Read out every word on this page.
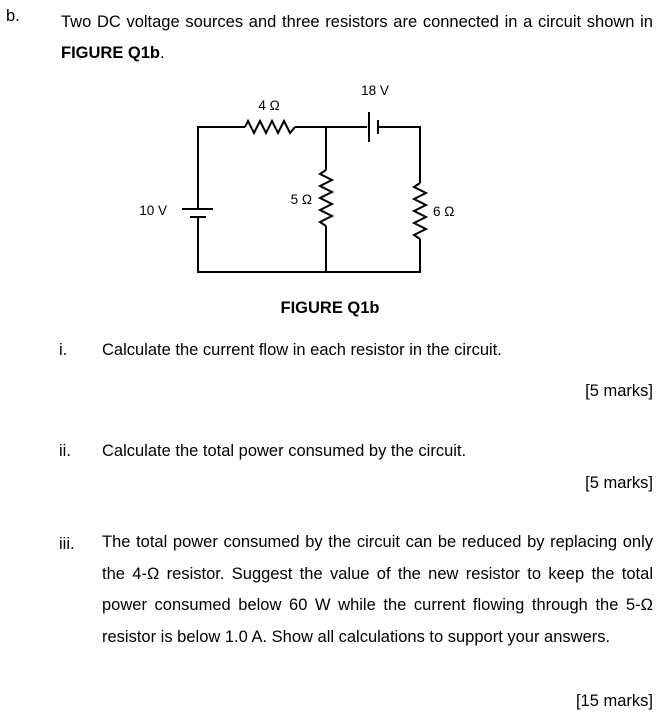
b. Two DC voltage sources and three resistors are connected in a circuit shown in FIGURE Q1b.
4 Ω
18 V
5 Ω
6 Ω
10 V
FIGURE Q1b
i. Calculate the current flow in each resistor in the circuit.
[5 marks]
ii. Calculate the total power consumed by the circuit.
[5 marks]
iii. The total power consumed by the circuit can be reduced by replacing only the 4-Ω resistor. Suggest the value of the new resistor to keep the total power consumed below 60 W while the current flowing through the 5-Ω resistor is below 1.0 A. Show all calculations to support your answers.
[15 marks]
